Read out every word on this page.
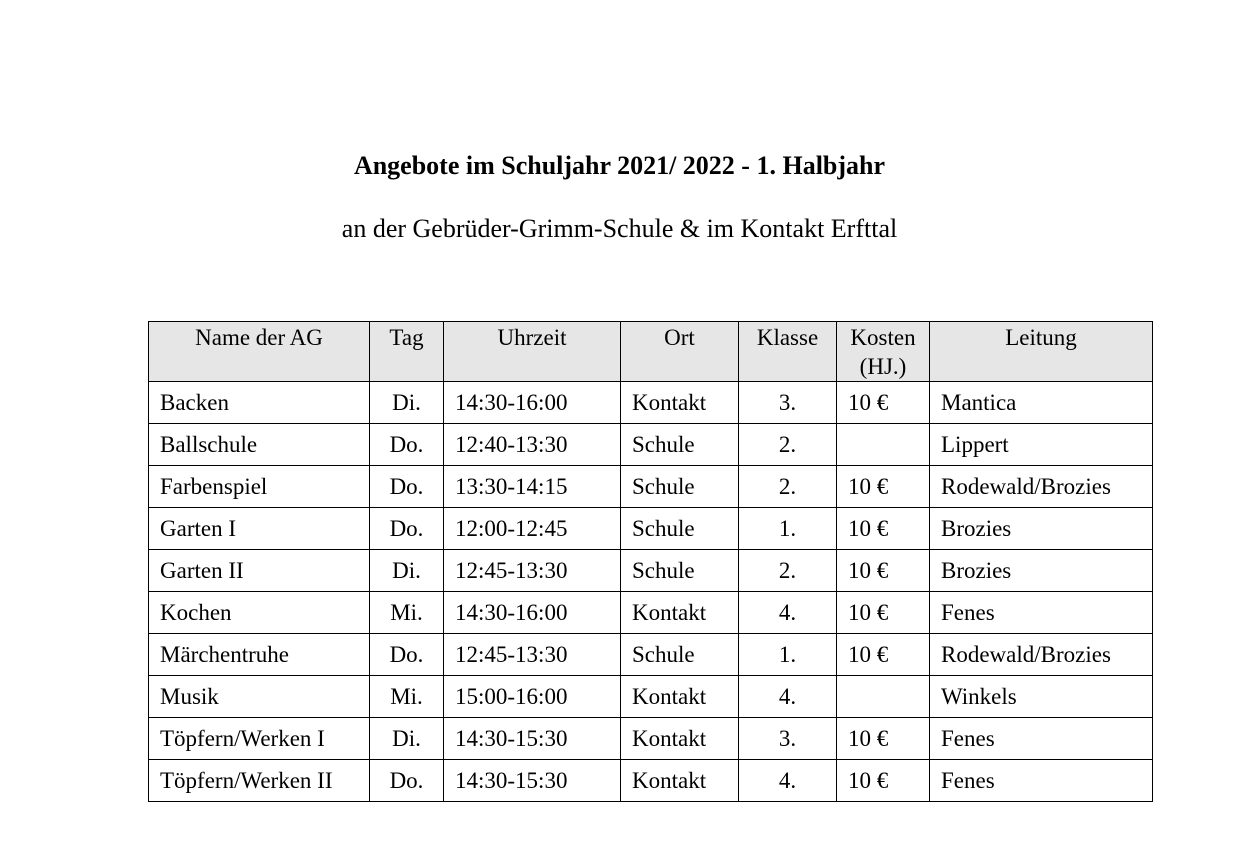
Angebote im Schuljahr 2021/ 2022 - 1. Halbjahr
an der Gebrüder-Grimm-Schule & im Kontakt Erfttal
Name der AG	Tag	Uhrzeit	Ort	Klasse	Kosten (HJ.)	Leitung
Backen	Di.	14:30-16:00	Kontakt	3.	10 €	Mantica
Ballschule	Do.	12:40-13:30	Schule	2.		Lippert
Farbenspiel	Do.	13:30-14:15	Schule	2.	10 €	Rodewald/Brozies
Garten I	Do.	12:00-12:45	Schule	1.	10 €	Brozies
Garten II	Di.	12:45-13:30	Schule	2.	10 €	Brozies
Kochen	Mi.	14:30-16:00	Kontakt	4.	10 €	Fenes
Märchentruhe	Do.	12:45-13:30	Schule	1.	10 €	Rodewald/Brozies
Musik	Mi.	15:00-16:00	Kontakt	4.		Winkels
Töpfern/Werken I	Di.	14:30-15:30	Kontakt	3.	10 €	Fenes
Töpfern/Werken II	Do.	14:30-15:30	Kontakt	4.	10 €	Fenes
